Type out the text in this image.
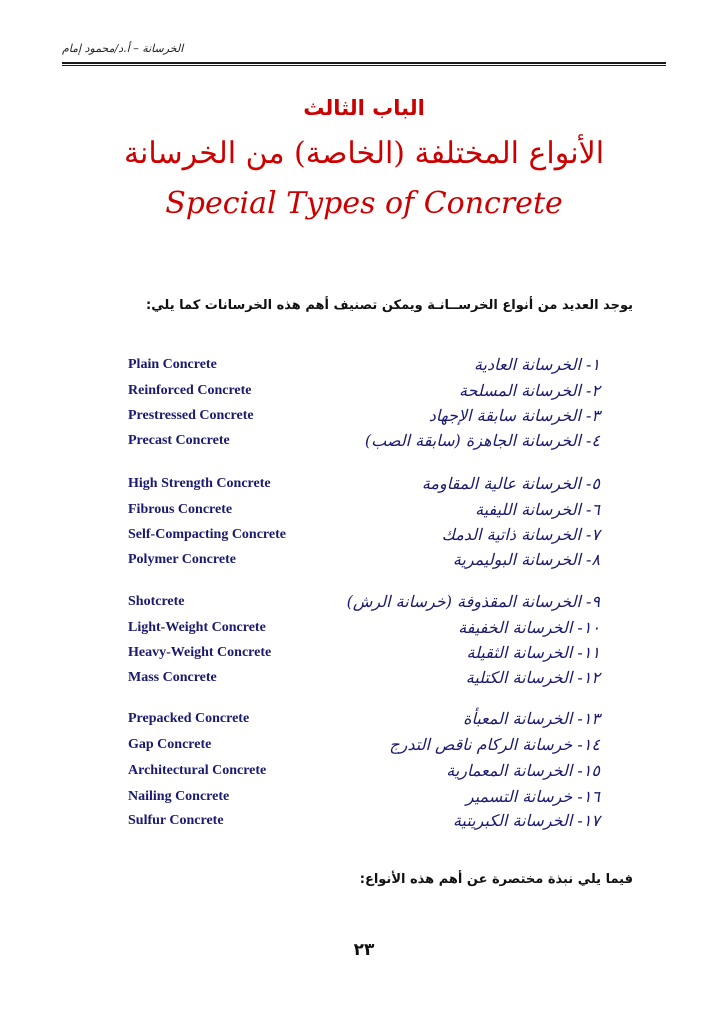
الخرسانة – أ.د/محمود إمام
الباب الثالث
الأنواع المختلفة (الخاصة) من الخرسانة
Special Types of Concrete
يوجد العديد من أنواع الخرســانـة ويمكن تصنيف أهم هذه الخرسانات كما يلي:
Plain Concrete	١- الخرسانة العادية
Reinforced Concrete	٢- الخرسانة المسلحة
Prestressed Concrete	٣- الخرسانة سابقة الإجهاد
Precast Concrete	٤- الخرسانة الجاهزة (سابقة الصب)
High Strength Concrete	٥- الخرسانة عالية المقاومة
Fibrous Concrete	٦- الخرسانة الليفية
Self-Compacting Concrete	٧- الخرسانة ذاتية الدمك
Polymer Concrete	٨- الخرسانة البوليمرية
Shotcrete	٩- الخرسانة المقذوفة (خرسانة الرش)
Light-Weight Concrete	١٠- الخرسانة الخفيفة
Heavy-Weight Concrete	١١- الخرسانة الثقيلة
Mass Concrete	١٢- الخرسانة الكتلية
Prepacked Concrete	١٣- الخرسانة المعبأة
Gap Concrete	١٤- خرسانة الركام ناقص التدرج
Architectural Concrete	١٥- الخرسانة المعمارية
Nailing Concrete	١٦- خرسانة التسمير
Sulfur Concrete	١٧- الخرسانة الكبريتية
فيما يلي نبذة مختصرة عن أهم هذه الأنواع:
٢٣
